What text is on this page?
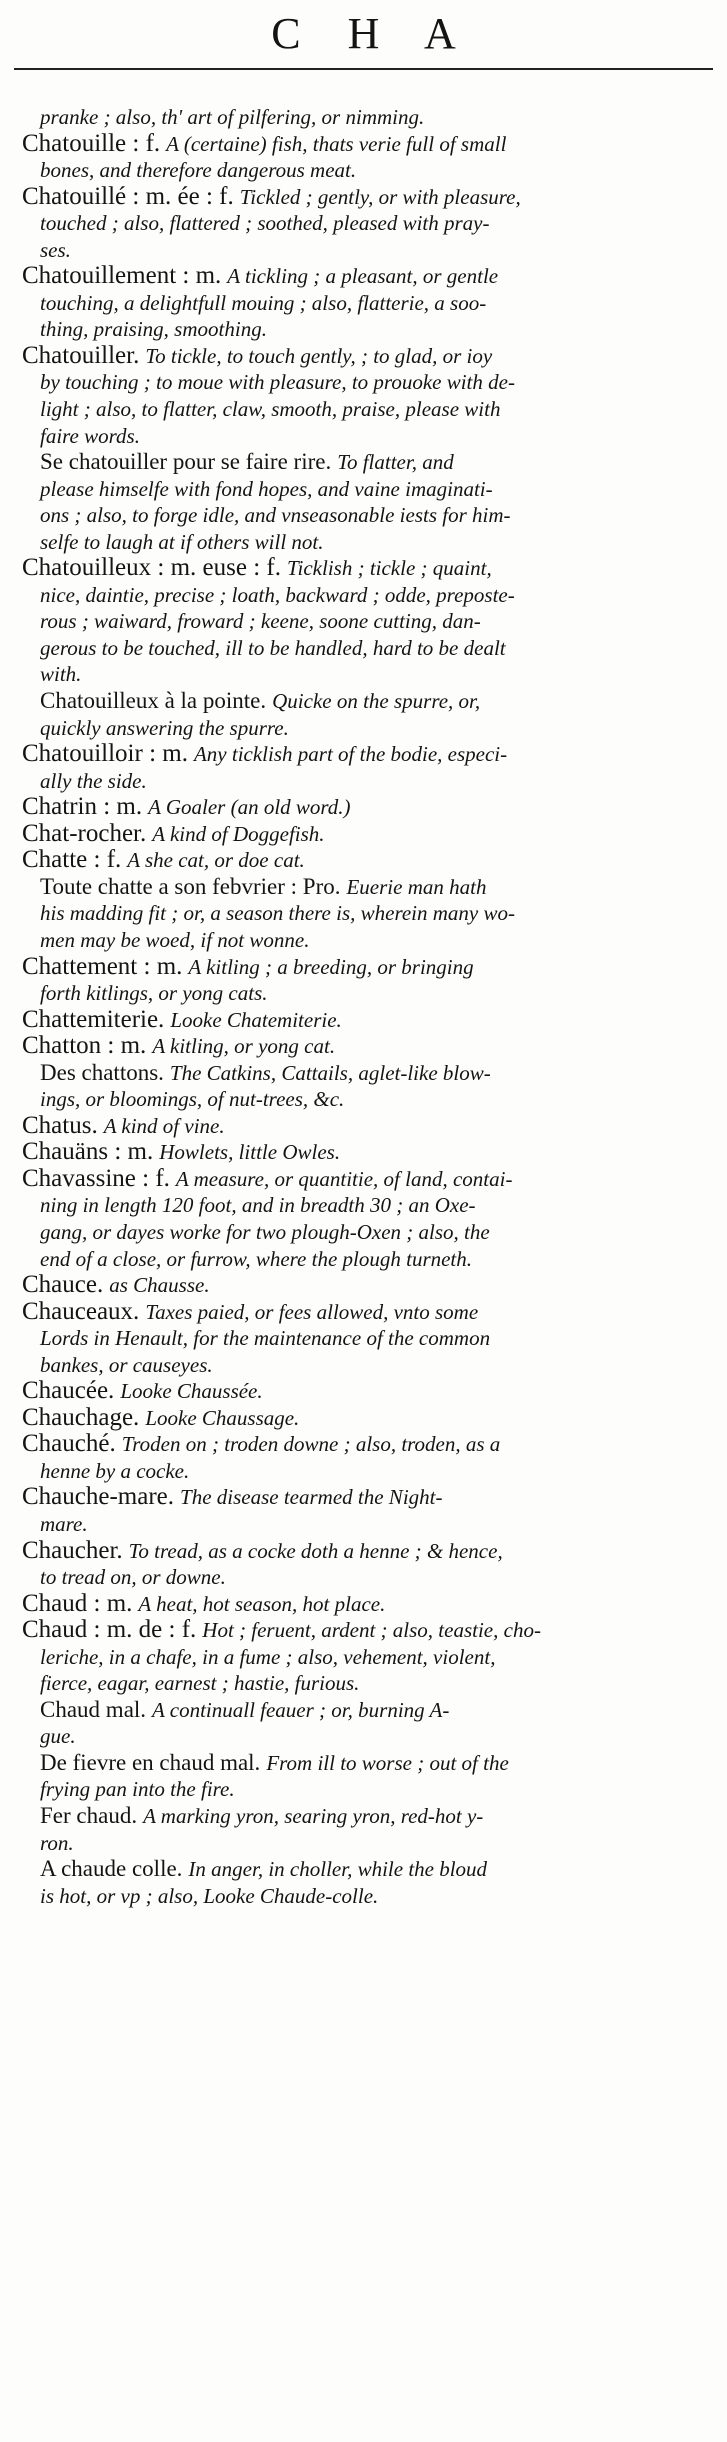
C H A
pranke ; also, th' art of pilfering, or nimming.
Chatouille : f. A (certaine) fish, thats verie full of small
bones, and therefore dangerous meat.
Chatouillé : m. ée : f. Tickled ; gently, or with pleasure,
touched ; also, flattered ; soothed, pleased with pray-
ses.
Chatouillement : m. A tickling ; a pleasant, or gentle
touching, a delightfull mouing ; also, flatterie, a soo-
thing, praising, smoothing.
Chatouiller. To tickle, to touch gently, ; to glad, or ioy
by touching ; to moue with pleasure, to prouoke with de-
light ; also, to flatter, claw, smooth, praise, please with
faire words.
Se chatouiller pour se faire rire. To flatter, and
please himselfe with fond hopes, and vaine imaginati-
ons ; also, to forge idle, and vnseasonable iests for him-
selfe to laugh at if others will not.
Chatouilleux : m. euse : f. Ticklish ; tickle ; quaint,
nice, daintie, precise ; loath, backward ; odde, preposte-
rous ; waiward, froward ; keene, soone cutting, dan-
gerous to be touched, ill to be handled, hard to be dealt
with.
Chatouilleux à la pointe. Quicke on the spurre, or,
quickly answering the spurre.
Chatouilloir : m. Any ticklish part of the bodie, especi-
ally the side.
Chatrin : m. A Goaler (an old word.)
Chat-rocher. A kind of Doggefish.
Chatte : f. A she cat, or doe cat.
Toute chatte a son febvrier : Pro. Euerie man hath
his madding fit ; or, a season there is, wherein many wo-
men may be woed, if not wonne.
Chattement : m. A kitling ; a breeding, or bringing
forth kitlings, or yong cats.
Chattemiterie. Looke Chatemiterie.
Chatton : m. A kitling, or yong cat.
Des chattons. The Catkins, Cattails, aglet-like blow-
ings, or bloomings, of nut-trees, &c.
Chatus. A kind of vine.
Chauäns : m. Howlets, little Owles.
Chavassine : f. A measure, or quantitie, of land, contai-
ning in length 120 foot, and in breadth 30 ; an Oxe-
gang, or dayes worke for two plough-Oxen ; also, the
end of a close, or furrow, where the plough turneth.
Chauce. as Chausse.
Chauceaux. Taxes paied, or fees allowed, vnto some
Lords in Henault, for the maintenance of the common
bankes, or causeyes.
Chaucée. Looke Chaussée.
Chauchage. Looke Chaussage.
Chauché. Troden on ; troden downe ; also, troden, as a
henne by a cocke.
Chauche-mare. The disease tearmed the Night-
mare.
Chaucher. To tread, as a cocke doth a henne ; & hence,
to tread on, or downe.
Chaud : m. A heat, hot season, hot place.
Chaud : m. de : f. Hot ; feruent, ardent ; also, teastie, cho-
leriche, in a chafe, in a fume ; also, vehement, violent,
fierce, eagar, earnest ; hastie, furious.
Chaud mal. A continuall feauer ; or, burning A-
gue.
De fievre en chaud mal. From ill to worse ; out of the
frying pan into the fire.
Fer chaud. A marking yron, searing yron, red-hot y-
ron.
A chaude colle. In anger, in choller, while the bloud
is hot, or vp ; also, Looke Chaude-colle.
